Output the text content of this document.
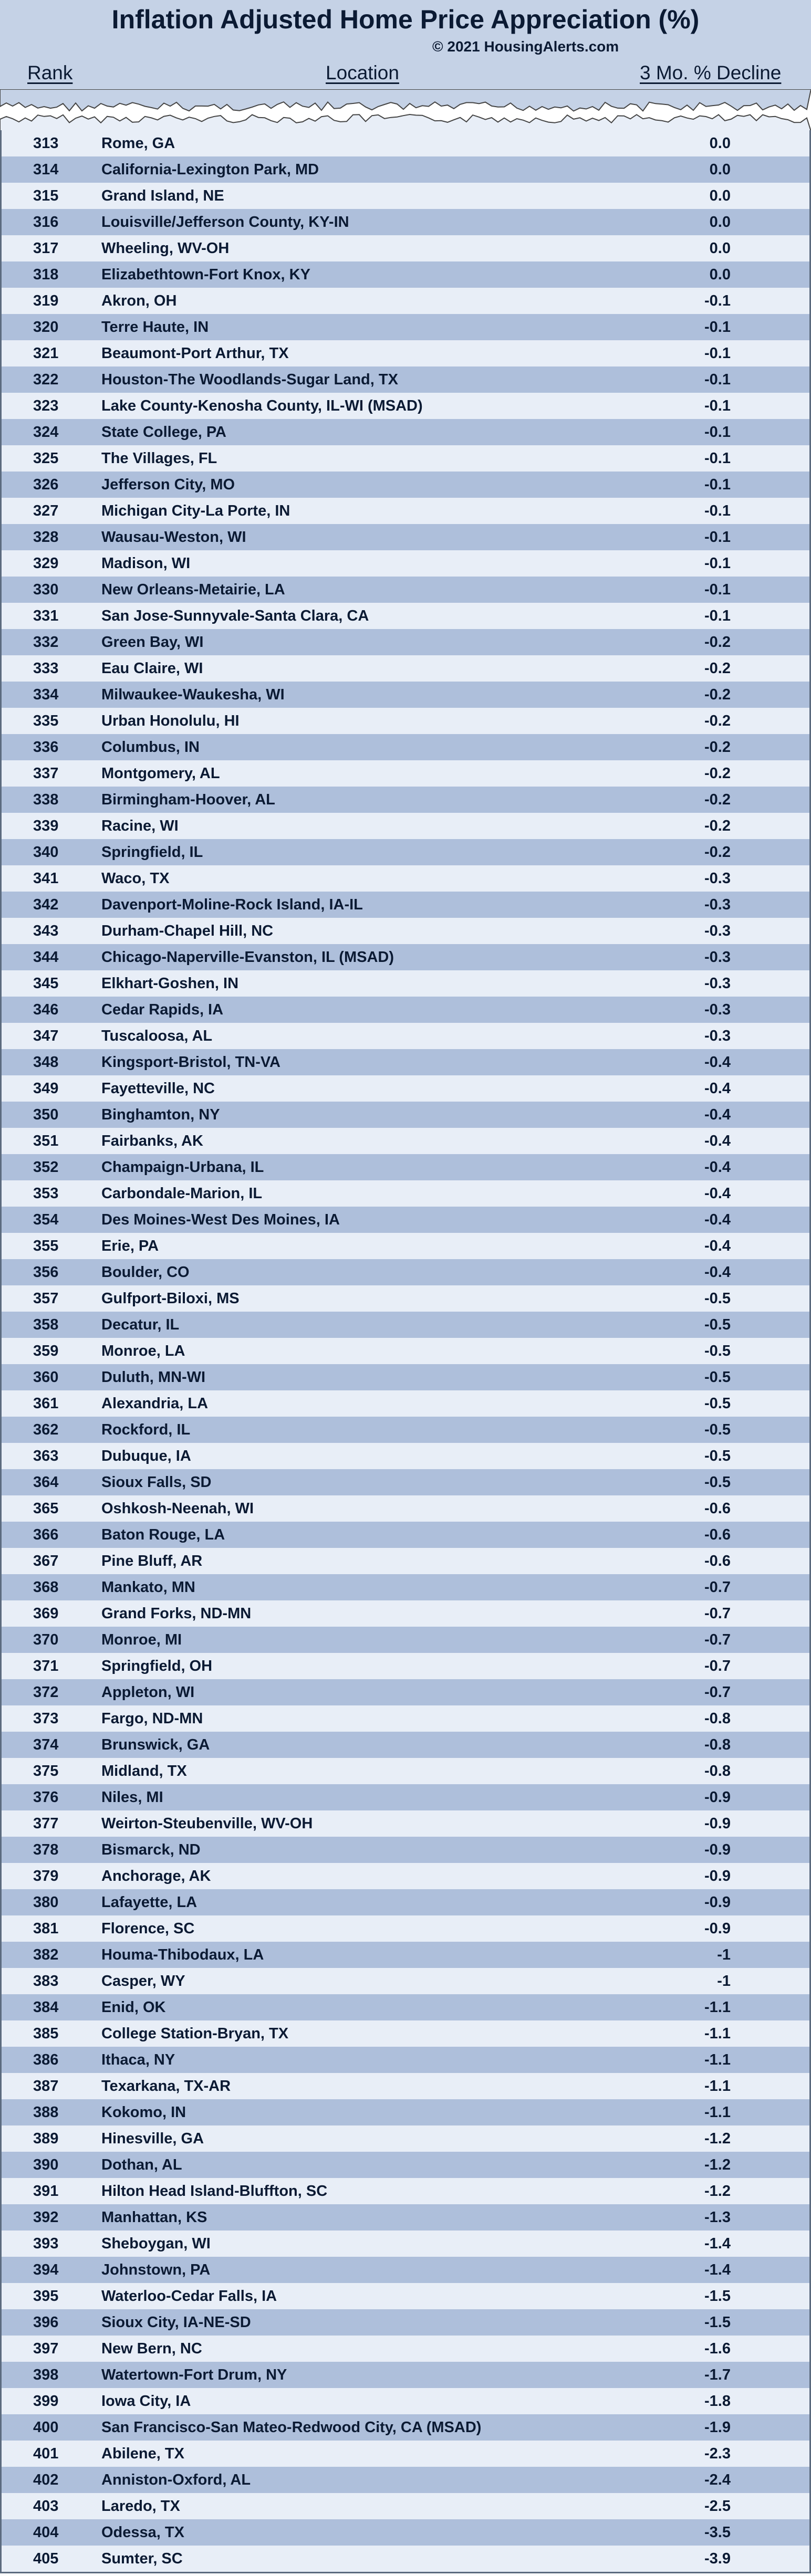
Inflation Adjusted Home Price Appreciation (%)
© 2021 HousingAlerts.com
Rank	Location	3 Mo. % Decline
313	Rome, GA	0.0
314	California-Lexington Park, MD	0.0
315	Grand Island, NE	0.0
316	Louisville/Jefferson County, KY-IN	0.0
317	Wheeling, WV-OH	0.0
318	Elizabethtown-Fort Knox, KY	0.0
319	Akron, OH	-0.1
320	Terre Haute, IN	-0.1
321	Beaumont-Port Arthur, TX	-0.1
322	Houston-The Woodlands-Sugar Land, TX	-0.1
323	Lake County-Kenosha County, IL-WI (MSAD)	-0.1
324	State College, PA	-0.1
325	The Villages, FL	-0.1
326	Jefferson City, MO	-0.1
327	Michigan City-La Porte, IN	-0.1
328	Wausau-Weston, WI	-0.1
329	Madison, WI	-0.1
330	New Orleans-Metairie, LA	-0.1
331	San Jose-Sunnyvale-Santa Clara, CA	-0.1
332	Green Bay, WI	-0.2
333	Eau Claire, WI	-0.2
334	Milwaukee-Waukesha, WI	-0.2
335	Urban Honolulu, HI	-0.2
336	Columbus, IN	-0.2
337	Montgomery, AL	-0.2
338	Birmingham-Hoover, AL	-0.2
339	Racine, WI	-0.2
340	Springfield, IL	-0.2
341	Waco, TX	-0.3
342	Davenport-Moline-Rock Island, IA-IL	-0.3
343	Durham-Chapel Hill, NC	-0.3
344	Chicago-Naperville-Evanston, IL (MSAD)	-0.3
345	Elkhart-Goshen, IN	-0.3
346	Cedar Rapids, IA	-0.3
347	Tuscaloosa, AL	-0.3
348	Kingsport-Bristol, TN-VA	-0.4
349	Fayetteville, NC	-0.4
350	Binghamton, NY	-0.4
351	Fairbanks, AK	-0.4
352	Champaign-Urbana, IL	-0.4
353	Carbondale-Marion, IL	-0.4
354	Des Moines-West Des Moines, IA	-0.4
355	Erie, PA	-0.4
356	Boulder, CO	-0.4
357	Gulfport-Biloxi, MS	-0.5
358	Decatur, IL	-0.5
359	Monroe, LA	-0.5
360	Duluth, MN-WI	-0.5
361	Alexandria, LA	-0.5
362	Rockford, IL	-0.5
363	Dubuque, IA	-0.5
364	Sioux Falls, SD	-0.5
365	Oshkosh-Neenah, WI	-0.6
366	Baton Rouge, LA	-0.6
367	Pine Bluff, AR	-0.6
368	Mankato, MN	-0.7
369	Grand Forks, ND-MN	-0.7
370	Monroe, MI	-0.7
371	Springfield, OH	-0.7
372	Appleton, WI	-0.7
373	Fargo, ND-MN	-0.8
374	Brunswick, GA	-0.8
375	Midland, TX	-0.8
376	Niles, MI	-0.9
377	Weirton-Steubenville, WV-OH	-0.9
378	Bismarck, ND	-0.9
379	Anchorage, AK	-0.9
380	Lafayette, LA	-0.9
381	Florence, SC	-0.9
382	Houma-Thibodaux, LA	-1
383	Casper, WY	-1
384	Enid, OK	-1.1
385	College Station-Bryan, TX	-1.1
386	Ithaca, NY	-1.1
387	Texarkana, TX-AR	-1.1
388	Kokomo, IN	-1.1
389	Hinesville, GA	-1.2
390	Dothan, AL	-1.2
391	Hilton Head Island-Bluffton, SC	-1.2
392	Manhattan, KS	-1.3
393	Sheboygan, WI	-1.4
394	Johnstown, PA	-1.4
395	Waterloo-Cedar Falls, IA	-1.5
396	Sioux City, IA-NE-SD	-1.5
397	New Bern, NC	-1.6
398	Watertown-Fort Drum, NY	-1.7
399	Iowa City, IA	-1.8
400	San Francisco-San Mateo-Redwood City, CA (MSAD)	-1.9
401	Abilene, TX	-2.3
402	Anniston-Oxford, AL	-2.4
403	Laredo, TX	-2.5
404	Odessa, TX	-3.5
405	Sumter, SC	-3.9
